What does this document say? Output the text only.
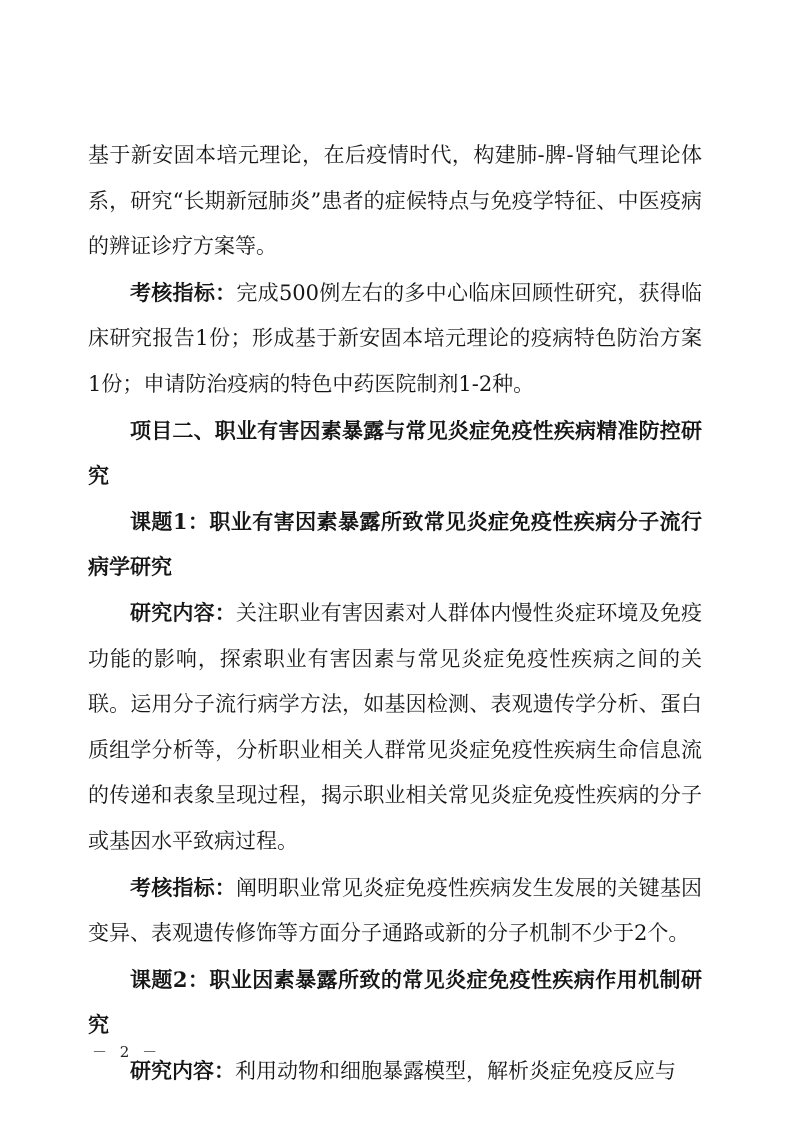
基于新安固本培元理论，在后疫情时代，构建肺-脾-肾轴气理论体系，研究“长期新冠肺炎”患者的症候特点与免疫学特征、中医疫病的辨证诊疗方案等。

考核指标：完成500例左右的多中心临床回顾性研究，获得临床研究报告1份；形成基于新安固本培元理论的疫病特色防治方案1份；申请防治疫病的特色中药医院制剂1-2种。

项目二、职业有害因素暴露与常见炎症免疫性疾病精准防控研究

课题1：职业有害因素暴露所致常见炎症免疫性疾病分子流行病学研究

研究内容：关注职业有害因素对人群体内慢性炎症环境及免疫功能的影响，探索职业有害因素与常见炎症免疫性疾病之间的关联。运用分子流行病学方法，如基因检测、表观遗传学分析、蛋白质组学分析等，分析职业相关人群常见炎症免疫性疾病生命信息流的传递和表象呈现过程，揭示职业相关常见炎症免疫性疾病的分子或基因水平致病过程。

考核指标：阐明职业常见炎症免疫性疾病发生发展的关键基因变异、表观遗传修饰等方面分子通路或新的分子机制不少于2个。

课题2：职业因素暴露所致的常见炎症免疫性疾病作用机制研究

研究内容：利用动物和细胞暴露模型，解析炎症免疫反应与

－ 2 －
